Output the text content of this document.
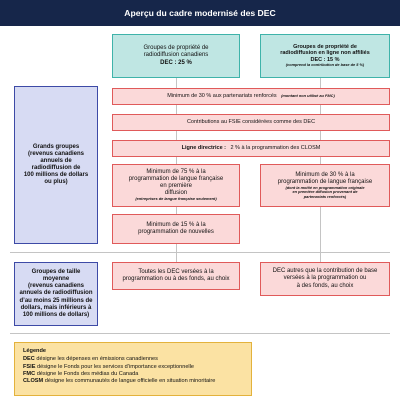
Aperçu du cadre modernisé des DEC
Groupes de propriété de
radiodiffusion canadiens
DEC : 25 %
Groupes de propriété de
radiodiffusion en ligne non affiliés
DEC : 15 %
(comprend la contribution de base de 5 %)
Grands groupes
(revenus canadiens
annuels de
radiodiffusion de
100 millions de dollars
ou plus)
Minimum de 30 % aux partenariats renforcés
(montant non utilisé au FMC)
Contributions au FSIE considérées comme des DEC
Ligne directrice :
2 % à la programmation des CLOSM
Minimum de 75 % à la
programmation de langue française
en première
diffusion
(entreprises de langue française seulement)
Minimum de 30 % à la
programmation de langue française
(dont la moitié en programmation originale
en première diffusion provenant de
partenariats renforcés)
Minimum de 15 % à la
programmation de nouvelles
Groupes de taille
moyenne
(revenus canadiens
annuels de radiodiffusion
d’au moins 25 millions de
dollars, mais inférieurs à
100 millions de dollars)
Toutes les DEC versées à la
programmation ou à des fonds, au choix
DEC autres que la contribution de base
versées à la programmation ou
à des fonds, au choix
Légende
DEC désigne les dépenses en émissions canadiennes
FSIE désigne le Fonds pour les services d’importance exceptionnelle
FMC désigne le Fonds des médias du Canada
CLOSM désigne les communautés de langue officielle en situation minoritaire
